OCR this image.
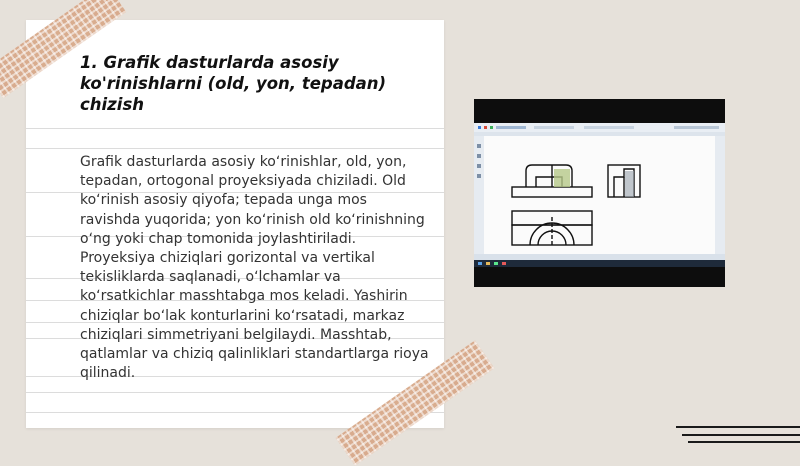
1. Grafik dasturlarda asosiy ko'rinishlarni (old, yon, tepadan) chizish

Grafik dasturlarda asosiy koʻrinishlar, old, yon, tepadan, ortogonal proyeksiyada chiziladi. Old koʻrinish asosiy qiyofa; tepada unga mos ravishda yuqorida; yon koʻrinish old koʻrinishning oʻng yoki chap tomonida joylashtiriladi. Proyeksiya chiziqlari gorizontal va vertikal tekisliklarda saqlanadi, oʻlchamlar va koʻrsatkichlar masshtabga mos keladi. Yashirin chiziqlar boʻlak konturlarini koʻrsatadi, markaz chiziqlari simmetriyani belgilaydi. Masshtab, qatlamlar va chiziq qalinliklari standartlarga rioya qilinadi.
